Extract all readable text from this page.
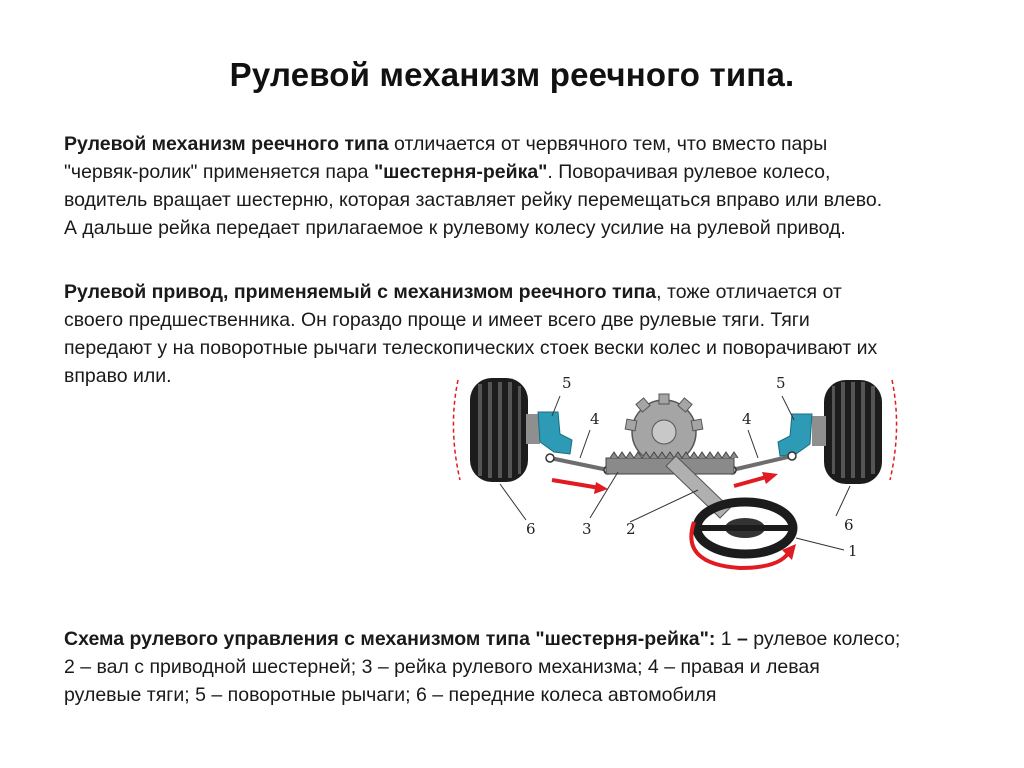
Рулевой механизм реечного типа.
Рулевой механизм реечного типа отличается от червячного тем, что вместо пары
"червяк-ролик" применяется пара "шестерня-рейка". Поворачивая рулевое колесо,
водитель вращает шестерню, которая заставляет рейку перемещаться вправо или влево.
А дальше рейка передает прилагаемое к рулевому колесу усилие на рулевой привод.
Рулевой привод, применяемый с механизмом реечного типа, тоже отличается от
своего предшественника. Он гораздо проще и имеет всего две рулевые тяги. Тяги
передают у на поворотные рычаги телескопических стоек вески колес и поворачивают их
вправо или.	5	5
4	4
6	6
3 2
1
Схема рулевого управления с механизмом типа "шестерня-рейка": 1 – рулевое колесо;
2 – вал с приводной шестерней; 3 – рейка рулевого механизма; 4 – правая и левая
рулевые тяги; 5 – поворотные рычаги; 6 – передние колеса автомобиля
